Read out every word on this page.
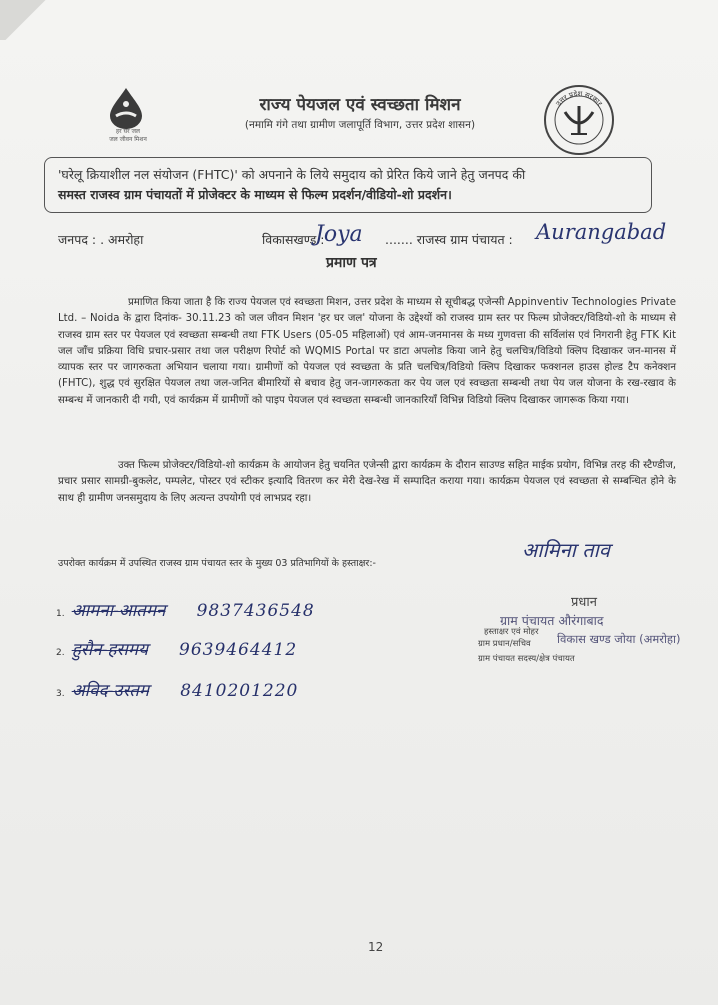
हर घर जल
जल जीवन मिशन
राज्य पेयजल एवं स्वच्छता मिशन
(नमामि गंगे तथा ग्रामीण जलापूर्ति विभाग, उत्तर प्रदेश शासन)
उत्तर प्रदेश सरकार
'घरेलू क्रियाशील नल संयोजन (FHTC)' को अपनाने के लिये समुदाय को प्रेरित किये जाने हेतु जनपद की
समस्त राजस्व ग्राम पंचायतों में प्रोजेक्टर के माध्यम से फिल्म प्रदर्शन/वीडियो-शो प्रदर्शन।
जनपद : . अमरोहा	विकासखण्ड :
Joya ....... राजस्व ग्राम पंचायत : Aurangabad
प्रमाण पत्र
प्रमाणित किया जाता है कि राज्य पेयजल एवं स्वच्छता मिशन, उत्तर प्रदेश के माध्यम से सूचीबद्ध एजेन्सी Appinventiv Technologies Private Ltd. – Noida के द्वारा दिनांक- 30.11.23 को जल जीवन मिशन 'हर घर जल' योजना के उद्देश्यों को राजस्व ग्राम स्तर पर फिल्म प्रोजेक्टर/विडियो-शो के माध्यम से राजस्व ग्राम स्तर पर पेयजल एवं स्वच्छता सम्बन्धी तथा FTK Users (05-05 महिलाओं) एवं आम-जनमानस के मध्य गुणवत्ता की सर्विलांस एवं निगरानी हेतु FTK Kit जल जाँच प्रक्रिया विधि प्रचार-प्रसार तथा जल परीक्षण रिपोर्ट को WQMIS Portal पर डाटा अपलोड किया जाने हेतु चलचित्र/विडियो क्लिप दिखाकर जन-मानस में व्यापक स्तर पर जागरुकता अभियान चलाया गया। ग्रामीणों को पेयजल एवं स्वच्छता के प्रति चलचित्र/विडियो क्लिप दिखाकर फक्शनल हाउस होल्ड टैप कनेक्शन (FHTC), शुद्ध एवं सुरक्षित पेयजल तथा जल-जनित बीमारियों से बचाव हेतु जन-जागरुकता कर पेय जल एवं स्वच्छता सम्बन्धी तथा पेय जल योजना के रख-रखाव के सम्बन्ध में जानकारी दी गयी, एवं कार्यक्रम में ग्रामीणों को पाइप पेयजल एवं स्वच्छता सम्बन्धी जानकारियाँ विभिन्न विडियो क्लिप दिखाकर जागरूक किया गया।
उक्त फिल्म प्रोजेक्टर/विडियो-शो कार्यक्रम के आयोजन हेतु चयनित एजेन्सी द्वारा कार्यक्रम के दौरान साउण्ड सहित माईक प्रयोग, विभिन्न तरह की स्टैण्डीज, प्रचार प्रसार सामग्री-बुकलेट, पम्पलेट, पोस्टर एवं स्टीकर इत्यादि वितरण कर मेरी देख-रेख में सम्पादित कराया गया। कार्यक्रम पेयजल एवं स्वच्छता से सम्बन्धित होने के साथ ही ग्रामीण जनसमुदाय के लिए अत्यन्त उपयोगी एवं लाभप्रद रहा।
उपरोक्त कार्यक्रम में उपस्थित राजस्व ग्राम पंचायत स्तर के मुख्य 03 प्रतिभागियों के हस्ताक्षर:-
1. आमना-आतमन 9837436548
2. हुसैन-हसमय 9639464412
3. अविद-उस्तम 8410201220
आमिना ताव
प्रधान
ग्राम पंचायत औरंगाबाद
हस्ताक्षर एवं मोहर
ग्राम प्रधान/सचिव विकास खण्ड जोया (अमरोहा)
ग्राम पंचायत सदस्य/क्षेत्र पंचायत
12
